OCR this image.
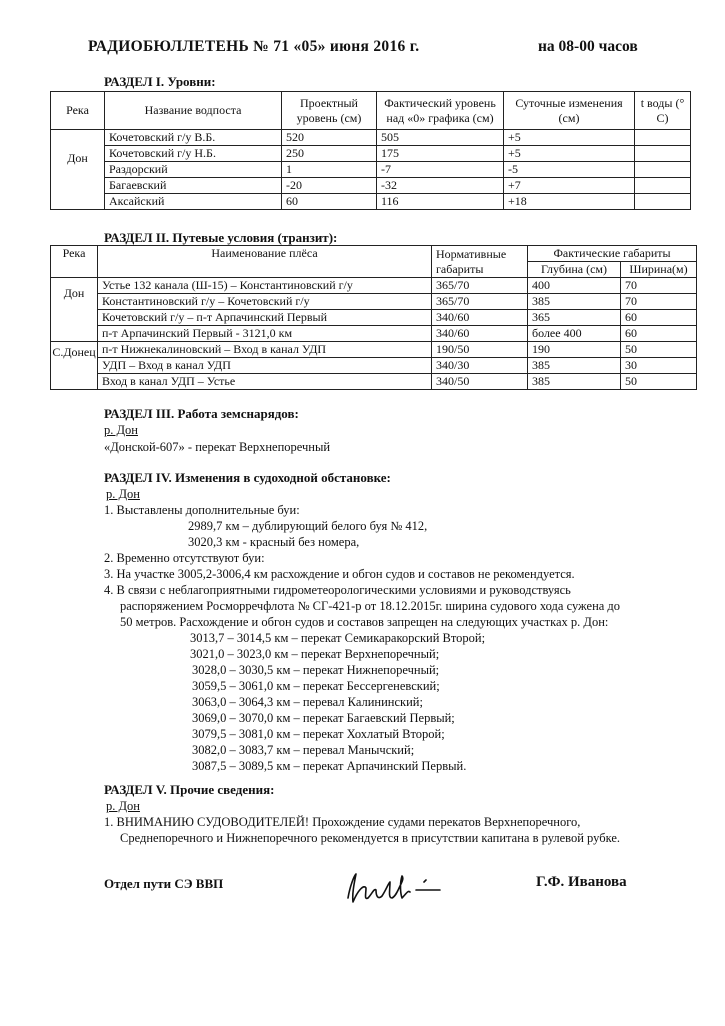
РАДИОБЮЛЛЕТЕНЬ № 71 «05» июня 2016 г.	на 08-00 часов
РАЗДЕЛ I. Уровни:
Река	Название водпоста	Проектный уровень (см)	Фактический уровень над «0» графика (см)	Суточные изменения (см)	t воды (° С)
Дон	Кочетовский г/у В.Б.	520	505	+5	
	Кочетовский г/у Н.Б.	250	175	+5	
	Раздорский	1	-7	-5	
	Багаевский	-20	-32	+7	
	Аксайский	60	116	+18	
РАЗДЕЛ II. Путевые условия (транзит):
Река	Наименование плёса	Нормативные габариты	Фактические габариты	
			Глубина (см)	Ширина(м)
Дон	Устье 132 канала (Ш-15) – Константиновский г/у	365/70	400	70
	Константиновский г/у – Кочетовский г/у	365/70	385	70
	Кочетовский г/у – п-т Арпачинский Первый	340/60	365	60
	п-т Арпачинский Первый - 3121,0 км	340/60	более 400	60
С.Донец	п-т Нижнекалиновский – Вход в канал УДП	190/50	190	50
	УДП – Вход в канал УДП	340/30	385	30
	Вход в канал УДП – Устье	340/50	385	50
РАЗДЕЛ III. Работа земснарядов:
р. Дон
«Донской-607» - перекат Верхнепоречный
РАЗДЕЛ IV. Изменения в судоходной обстановке:
р. Дон
1. Выставлены дополнительные буи:
2989,7 км – дублирующий белого буя № 412,
3020,3 км - красный без номера,
2. Временно отсутствуют буи:
3. На участке 3005,2-3006,4 км расхождение и обгон судов и составов не рекомендуется.
4. В связи с неблагоприятными гидрометеорологическими условиями и руководствуясь
распоряжением Росморречфлота № СГ-421-р от 18.12.2015г. ширина судового хода сужена до
50 метров. Расхождение и обгон судов и составов запрещен на следующих участках р. Дон:
3013,7 – 3014,5 км – перекат Семикаракорский Второй;
3021,0 – 3023,0 км – перекат Верхнепоречный;
3028,0 – 3030,5 км – перекат Нижнепоречный;
3059,5 – 3061,0 км – перекат Бессергеневский;
3063,0 – 3064,3 км – перевал Калининский;
3069,0 – 3070,0 км – перекат Багаевский Первый;
3079,5 – 3081,0 км – перекат Хохлатый Второй;
3082,0 – 3083,7 км – перевал Манычский;
3087,5 – 3089,5 км – перекат Арпачинский Первый.
РАЗДЕЛ V. Прочие сведения:
р. Дон
1. ВНИМАНИЮ СУДОВОДИТЕЛЕЙ! Прохождение судами перекатов Верхнепоречного,
Среднепоречного и Нижнепоречного рекомендуется в присутствии капитана в рулевой рубке.
Отдел пути СЭ ВВП	Г.Ф. Иванова
